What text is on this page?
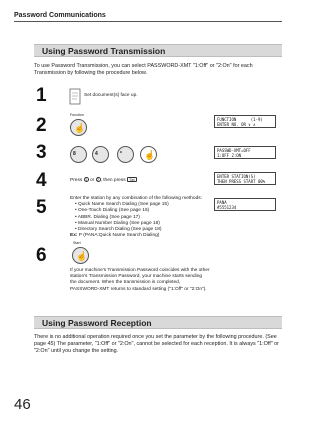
Password Communications
Using Password Transmission
To use Password Transmission, you can select PASSWORD-XMT "1:Off" or "2:On" for each Transmission by following the procedure below.
1	Set document(s) face up.
2	Function
☝
FUNCTION      (1-9)
ENTER NO. OR ∨ ∧
3	8	4	* ☝	PASSWD-XMT=OFF
1:OFF 2:ON
4	Press 1 or 2 , then press Set
ENTER STATION(S)
THEN PRESS START 00%
5	Enter the station by any combination of the following methods:
• Quick Name Search Dialing (See page 15)
• One-Touch Dialing (See page 16)
• ABBR. Dialing (See page 17)
• Manual Number Dialing (See page 18)
• Directory Search Dialing (See page 18)
Ex: P (PANA:Quick Name Search Dialing)
PANA
#5551234
6
Start
☝
If your machine's Transmission Password coincides with the other station's Transmission Password, your machine starts sending the document. When the transmission is completed, PASSWORD-XMT returns to standard setting ("1:Off" or "2:On").
Using Password Reception
There is no additional operation required once you set the parameter by the following procedure. (See page 45) The parameter, "1:Off" or "2:On", cannot be selected for each reception. It is always "1:Off" or "2:On" until you change the setting.
46
